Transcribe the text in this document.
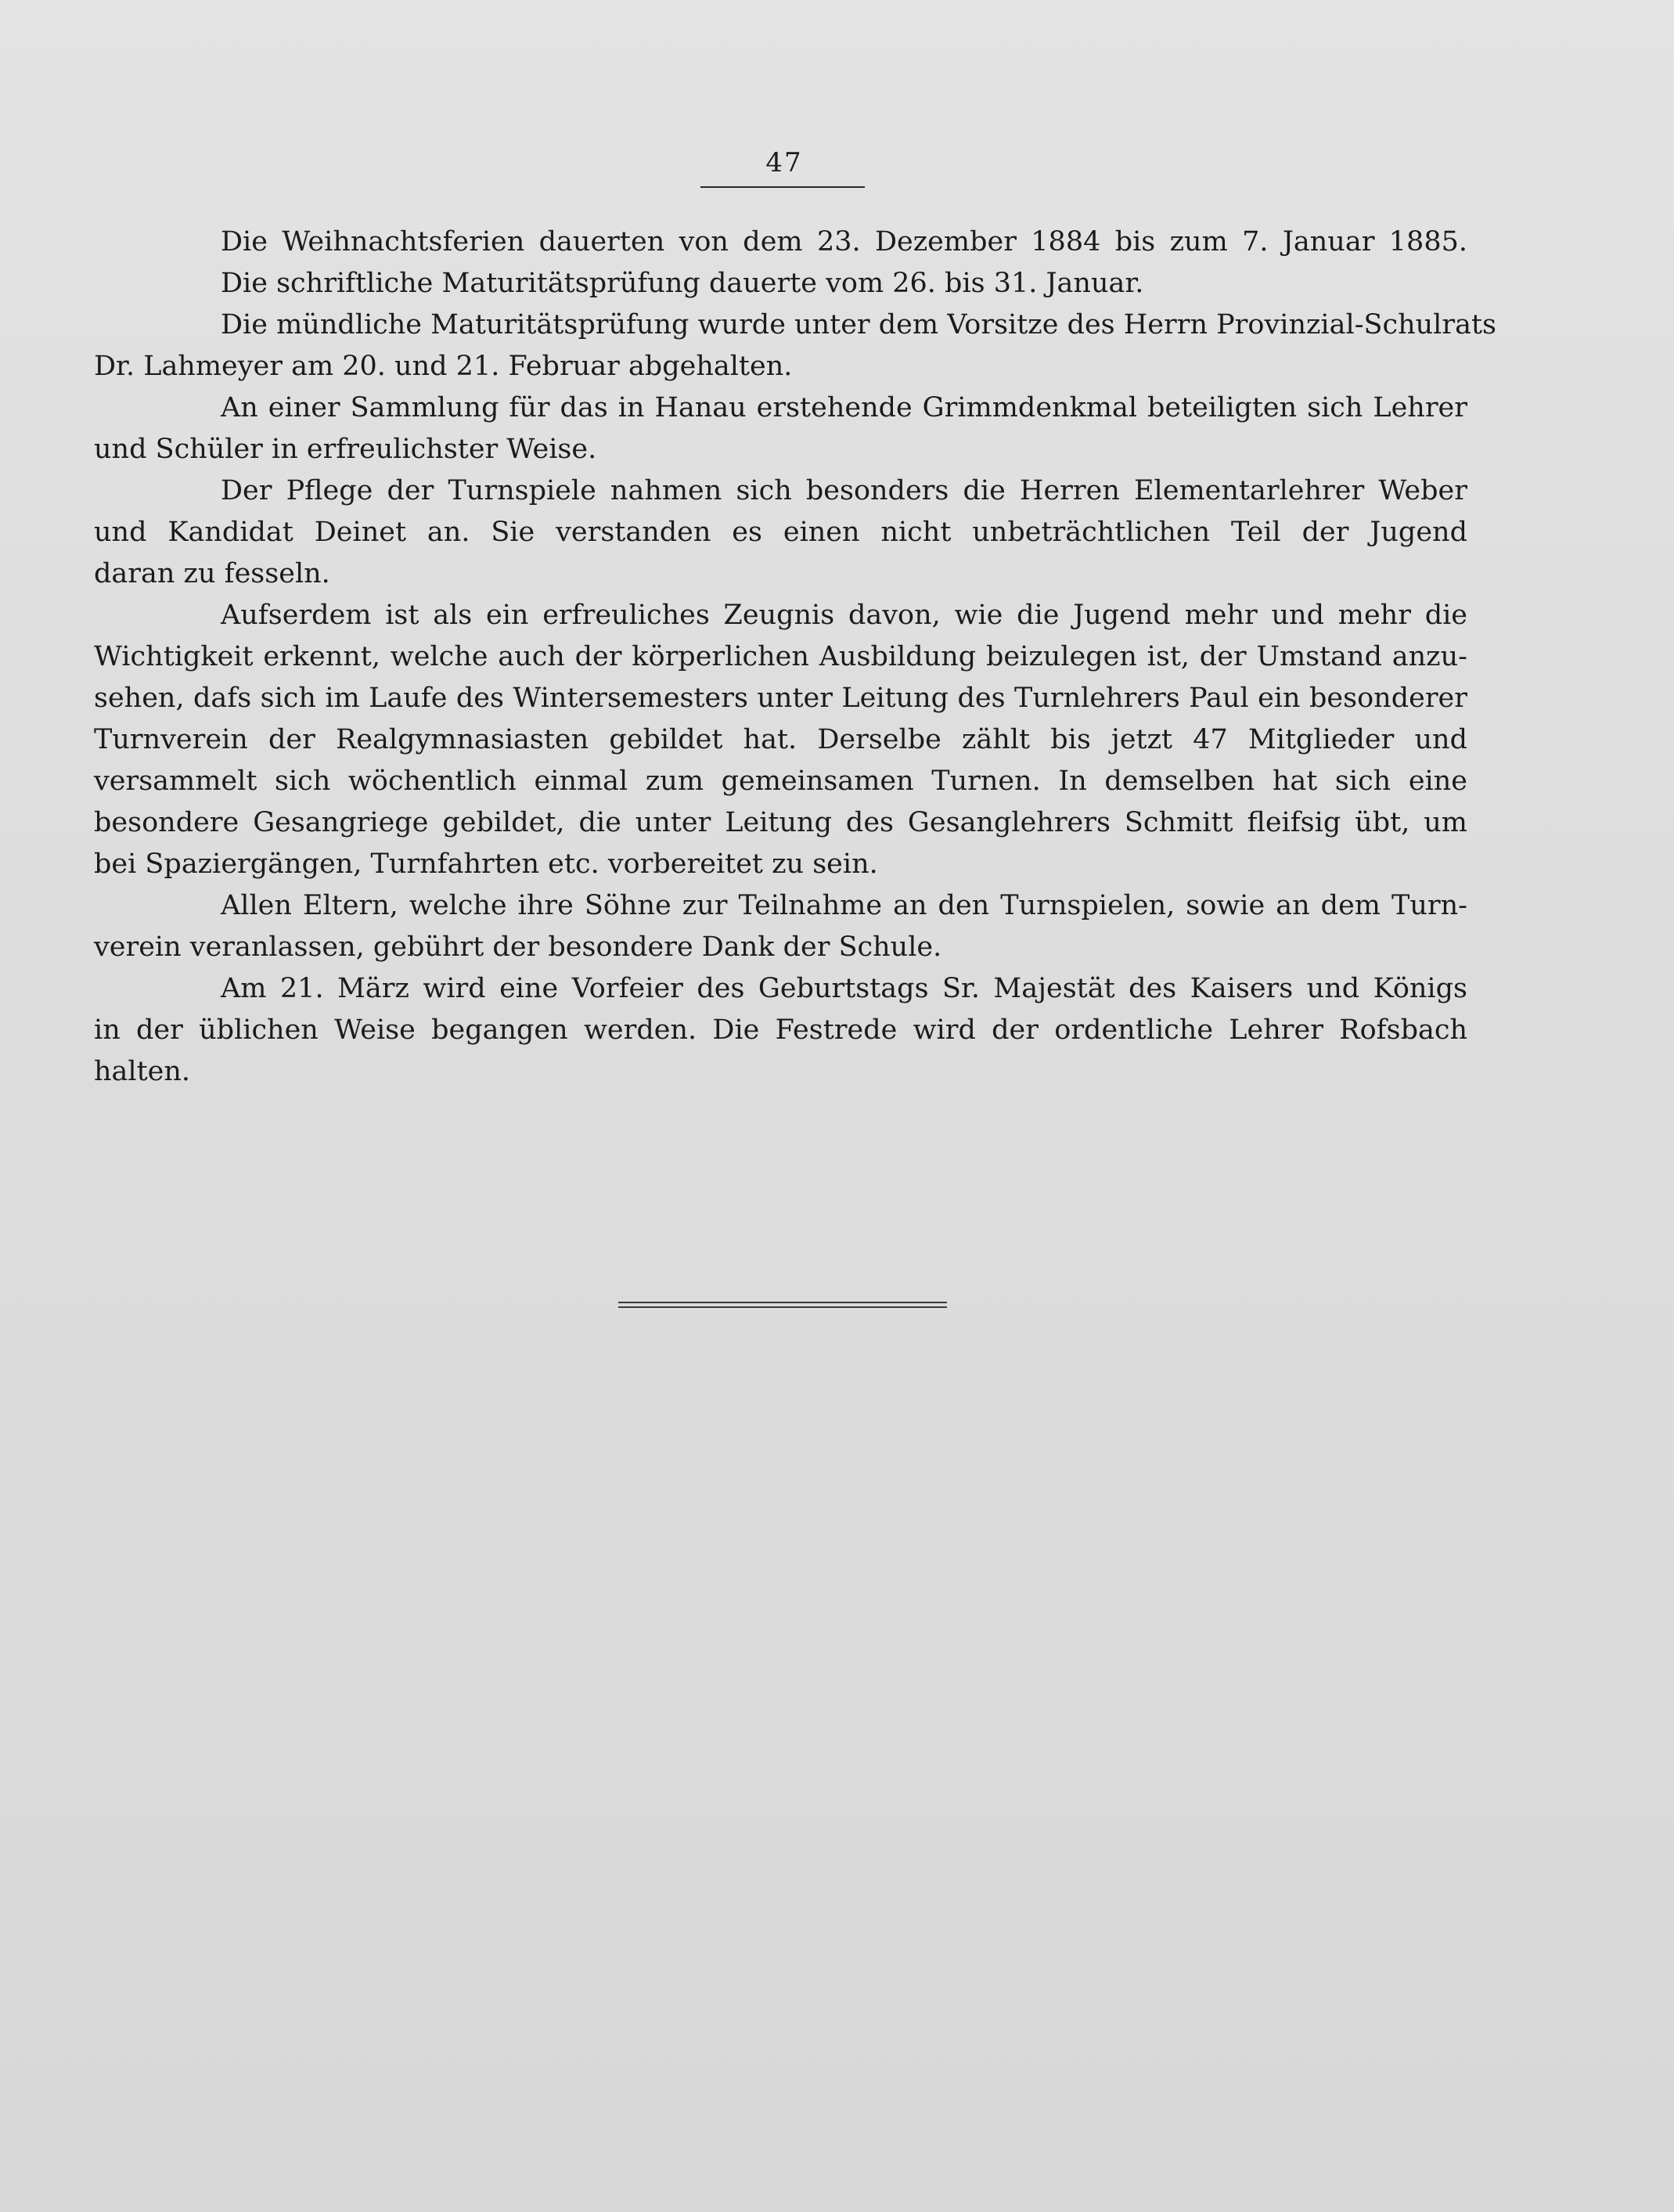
47
Die Weihnachtsferien dauerten von dem 23. Dezember 1884 bis zum 7. Januar 1885.
Die schriftliche Maturitätsprüfung dauerte vom 26. bis 31. Januar.
Die mündliche Maturitätsprüfung wurde unter dem Vorsitze des Herrn Provinzial-Schulrats
Dr. Lahmeyer am 20. und 21. Februar abgehalten.
An einer Sammlung für das in Hanau erstehende Grimmdenkmal beteiligten sich Lehrer
und Schüler in erfreulichster Weise.
Der Pflege der Turnspiele nahmen sich besonders die Herren Elementarlehrer Weber
und Kandidat Deinet an. Sie verstanden es einen nicht unbeträchtlichen Teil der Jugend
daran zu fesseln.
Aufserdem ist als ein erfreuliches Zeugnis davon, wie die Jugend mehr und mehr die
Wichtigkeit erkennt, welche auch der körperlichen Ausbildung beizulegen ist, der Umstand anzu-
sehen, dafs sich im Laufe des Wintersemesters unter Leitung des Turnlehrers Paul ein besonderer
Turnverein der Realgymnasiasten gebildet hat. Derselbe zählt bis jetzt 47 Mitglieder und
versammelt sich wöchentlich einmal zum gemeinsamen Turnen. In demselben hat sich eine
besondere Gesangriege gebildet, die unter Leitung des Gesanglehrers Schmitt fleifsig übt, um
bei Spaziergängen, Turnfahrten etc. vorbereitet zu sein.
Allen Eltern, welche ihre Söhne zur Teilnahme an den Turnspielen, sowie an dem Turn-
verein veranlassen, gebührt der besondere Dank der Schule.
Am 21. März wird eine Vorfeier des Geburtstags Sr. Majestät des Kaisers und Königs
in der üblichen Weise begangen werden. Die Festrede wird der ordentliche Lehrer Rofsbach
halten.
